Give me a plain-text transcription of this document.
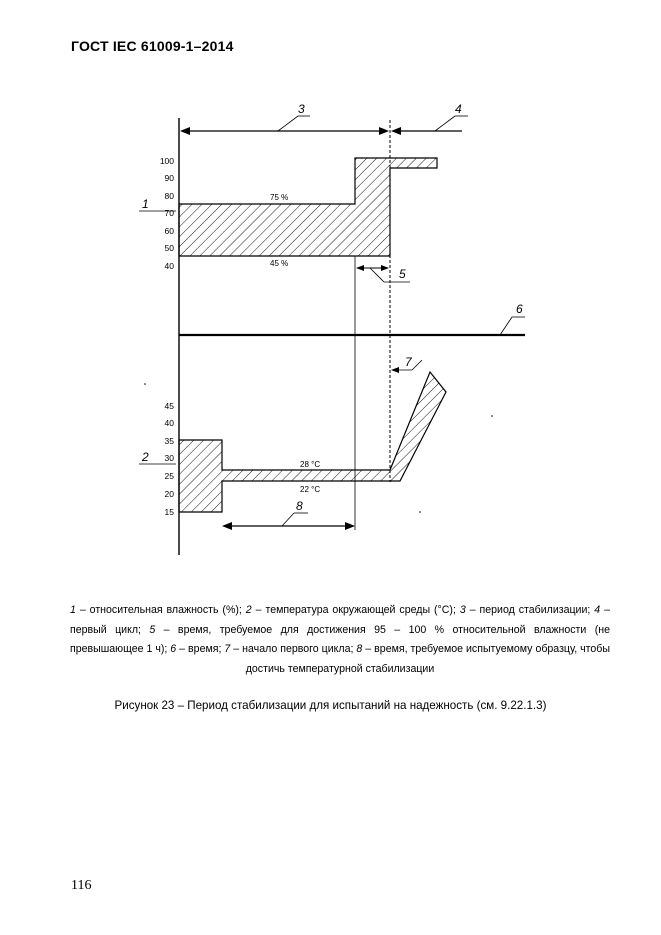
ГОСТ IEC 61009-1–2014
100
90
80
70
60
50
40
45
40
35
30
25
20
15
75 %
45 %
28 °C
22 °C
1
3	4
5
6
7
2
8
1 – относительная влажность (%); 2 – температура окружающей среды (°C); 3 – период стабилизации; 4 – первый цикл; 5 – время, требуемое для достижения 95 – 100 % относительной влажности (не превышающее 1 ч); 6 – время; 7 – начало первого цикла; 8 – время, требуемое испытуемому образцу, чтобы достичь температурной стабилизации
Рисунок 23 – Период стабилизации для испытаний на надежность (см. 9.22.1.3)
116
